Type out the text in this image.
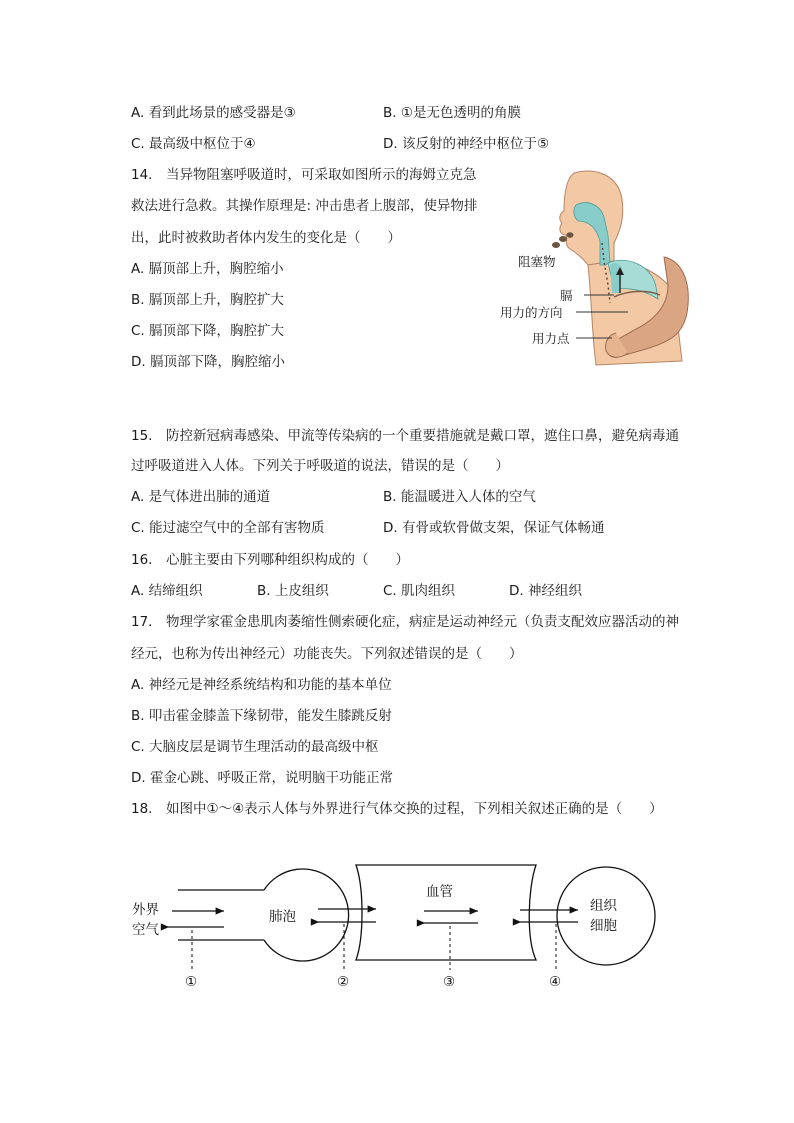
A. 看到此场景的感受器是③	B. ①是无色透明的角膜
C. 最高级中枢位于④	D. 该反射的神经中枢位于⑤
14.　当异物阻塞呼吸道时，可采取如图所示的海姆立克急
救法进行急救。其操作原理是: 冲击患者上腹部，使异物排
出，此时被救助者体内发生的变化是（　　）
A. 膈顶部上升，胸腔缩小
B. 膈顶部上升，胸腔扩大
C. 膈顶部下降，胸腔扩大
D. 膈顶部下降，胸腔缩小
阻塞物
膈
用力的方向
用力点
15.　防控新冠病毒感染、甲流等传染病的一个重要措施就是戴口罩，遮住口鼻，避免病毒通
过呼吸道进入人体。下列关于呼吸道的说法，错误的是（　　）
A. 是气体进出肺的通道	B. 能温暖进入人体的空气
C. 能过滤空气中的全部有害物质	D. 有骨或软骨做支架，保证气体畅通
16.　心脏主要由下列哪种组织构成的（　　）
A. 结缔组织	B. 上皮组织	C. 肌肉组织	D. 神经组织
17.　物理学家霍金患肌肉萎缩性侧索硬化症，病症是运动神经元（负责支配效应器活动的神
经元，也称为传出神经元）功能丧失。下列叙述错误的是（　　）
A. 神经元是神经系统结构和功能的基本单位
B. 叩击霍金膝盖下缘韧带，能发生膝跳反射
C. 大脑皮层是调节生理活动的最高级中枢
D. 霍金心跳、呼吸正常，说明脑干功能正常
18.　如图中①～④表示人体与外界进行气体交换的过程，下列相关叙述正确的是（　　）
外界
空气
肺泡
血管
组织
细胞
①	②	③	④
